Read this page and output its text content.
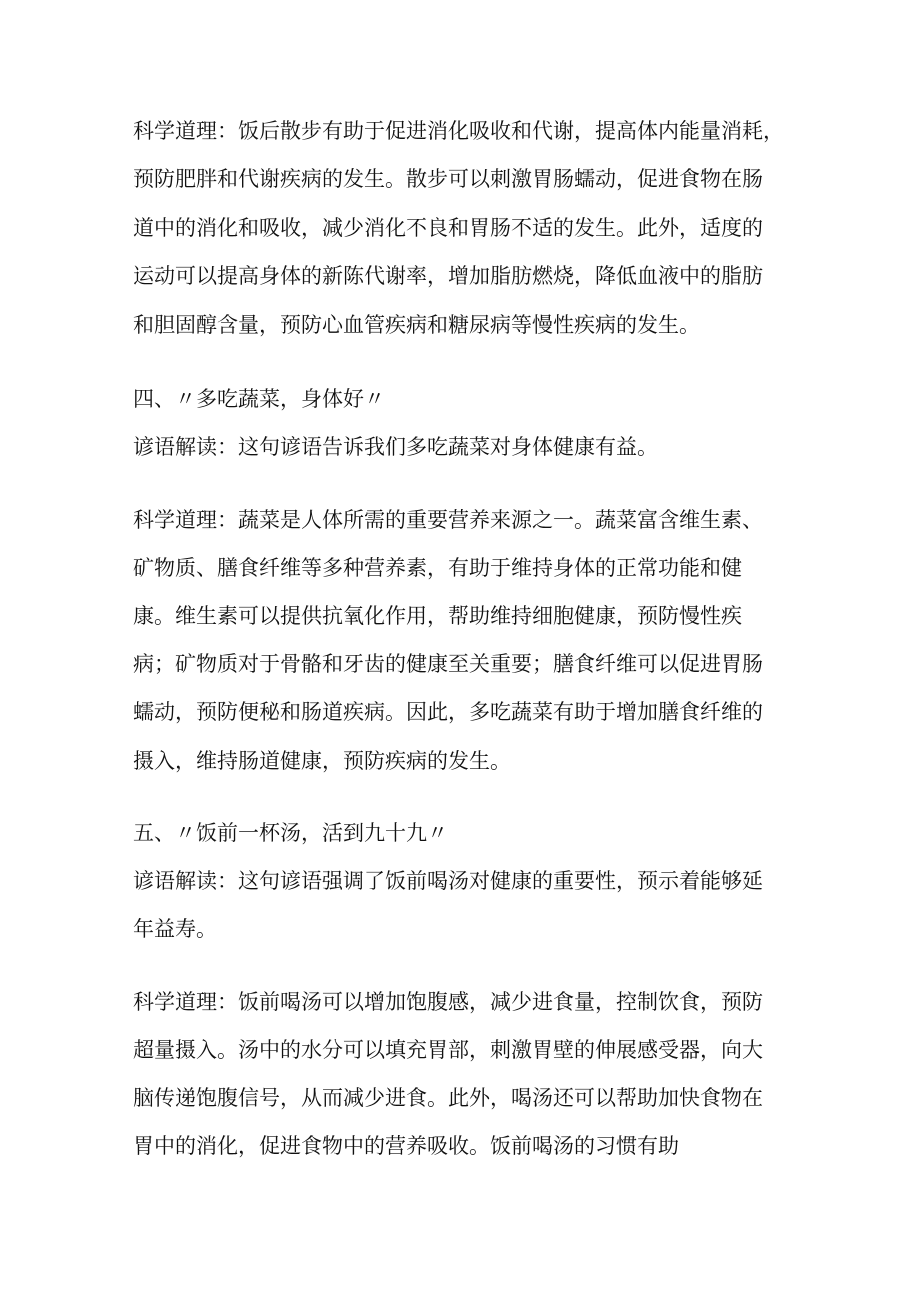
科学道理：饭后散步有助于促进消化吸收和代谢，提高体内能量消耗，
预防肥胖和代谢疾病的发生。散步可以刺激胃肠蠕动，促进食物在肠
道中的消化和吸收，减少消化不良和胃肠不适的发生。此外，适度的
运动可以提高身体的新陈代谢率，增加脂肪燃烧，降低血液中的脂肪
和胆固醇含量，预防心血管疾病和糖尿病等慢性疾病的发生。
四、〃多吃蔬菜，身体好〃
谚语解读：这句谚语告诉我们多吃蔬菜对身体健康有益。
科学道理：蔬菜是人体所需的重要营养来源之一。蔬菜富含维生素、
矿物质、膳食纤维等多种营养素，有助于维持身体的正常功能和健
康。维生素可以提供抗氧化作用，帮助维持细胞健康，预防慢性疾
病；矿物质对于骨骼和牙齿的健康至关重要；膳食纤维可以促进胃肠
蠕动，预防便秘和肠道疾病。因此，多吃蔬菜有助于增加膳食纤维的
摄入，维持肠道健康，预防疾病的发生。
五、〃饭前一杯汤，活到九十九〃
谚语解读：这句谚语强调了饭前喝汤对健康的重要性，预示着能够延
年益寿。
科学道理：饭前喝汤可以增加饱腹感，减少进食量，控制饮食，预防
超量摄入。汤中的水分可以填充胃部，刺激胃壁的伸展感受器，向大
脑传递饱腹信号，从而减少进食。此外，喝汤还可以帮助加快食物在
胃中的消化，促进食物中的营养吸收。饭前喝汤的习惯有助
